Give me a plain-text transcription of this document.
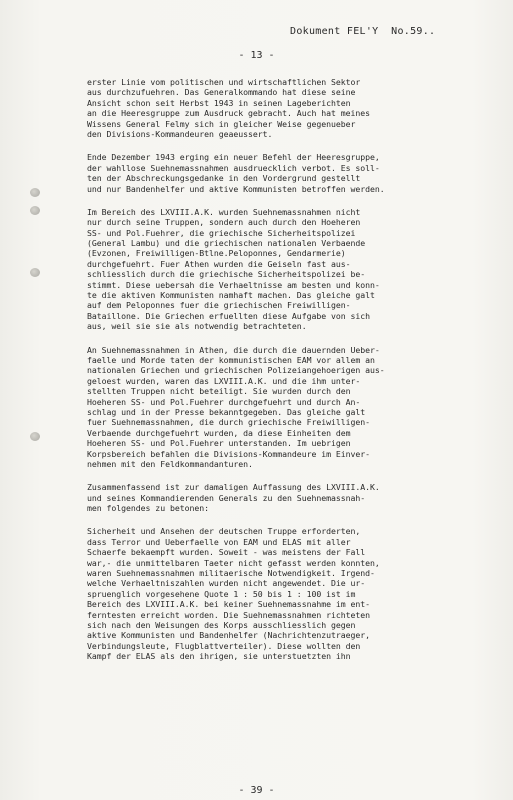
Dokument FEL'Y  No.59..
- 13 -
erster Linie vom politischen und wirtschaftlichen Sektor
aus durchzufuehren. Das Generalkommando hat diese seine
Ansicht schon seit Herbst 1943 in seinen Lageberichten
an die Heeresgruppe zum Ausdruck gebracht. Auch hat meines
Wissens General Felmy sich in gleicher Weise gegenueber
den Divisions-Kommandeuren geaeussert.
Ende Dezember 1943 erging ein neuer Befehl der Heeresgruppe,
der wahllose Suehnemassnahmen ausdruecklich verbot. Es soll-
ten der Abschreckungsgedanke in den Vordergrund gestellt
und nur Bandenhelfer und aktive Kommunisten betroffen werden.
Im Bereich des LXVIII.A.K. wurden Suehnemassnahmen nicht
nur durch seine Truppen, sondern auch durch den Hoeheren
SS- und Pol.Fuehrer, die griechische Sicherheitspolizei
(General Lambu) und die griechischen nationalen Verbaende
(Evzonen, Freiwilligen-Btlne.Peloponnes, Gendarmerie)
durchgefuehrt. Fuer Athen wurden die Geiseln fast aus-
schliesslich durch die griechische Sicherheitspolizei be-
stimmt. Diese uebersah die Verhaeltnisse am besten und konn-
te die aktiven Kommunisten namhaft machen. Das gleiche galt
auf dem Peloponnes fuer die griechischen Freiwilligen-
Bataillone. Die Griechen erfuellten diese Aufgabe von sich
aus, weil sie sie als notwendig betrachteten.
An Suehnemassnahmen in Athen, die durch die dauernden Ueber-
faelle und Morde taten der kommunistischen EAM vor allem an
nationalen Griechen und griechischen Polizeiangehoerigen aus-
geloest wurden, waren das LXVIII.A.K. und die ihm unter-
stellten Truppen nicht beteiligt. Sie wurden durch den
Hoeheren SS- und Pol.Fuehrer durchgefuehrt und durch An-
schlag und in der Presse bekanntgegeben. Das gleiche galt
fuer Suehnemassnahmen, die durch griechische Freiwilligen-
Verbaende durchgefuehrt wurden, da diese Einheiten dem
Hoeheren SS- und Pol.Fuehrer unterstanden. Im uebrigen
Korpsbereich befahlen die Divisions-Kommandeure im Einver-
nehmen mit den Feldkommandanturen.
Zusammenfassend ist zur damaligen Auffassung des LXVIII.A.K.
und seines Kommandierenden Generals zu den Suehnemassnah-
men folgendes zu betonen:
Sicherheit und Ansehen der deutschen Truppe erforderten,
dass Terror und Ueberfaelle von EAM und ELAS mit aller
Schaerfe bekaempft wurden. Soweit - was meistens der Fall
war,- die unmittelbaren Taeter nicht gefasst werden konnten,
waren Suehnemassnahmen militaerische Notwendigkeit. Irgend-
welche Verhaeltniszahlen wurden nicht angewendet. Die ur-
spruenglich vorgesehene Quote 1 : 50 bis 1 : 100 ist im
Bereich des LXVIII.A.K. bei keiner Suehnemassnahme im ent-
ferntesten erreicht worden. Die Suehnemassnahmen richteten
sich nach den Weisungen des Korps ausschliesslich gegen
aktive Kommunisten und Bandenhelfer (Nachrichtenzutraeger,
Verbindungsleute, Flugblattverteiler). Diese wollten den
Kampf der ELAS als den ihrigen, sie unterstuetzten ihn
- 39 -
